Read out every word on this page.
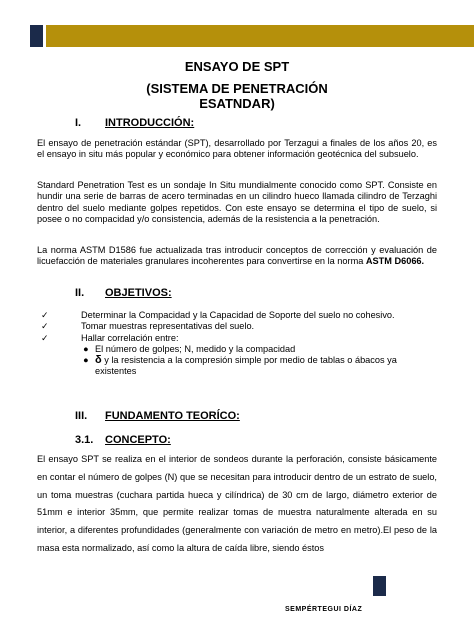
ENSAYO DE SPT
(SISTEMA DE PENETRACIÓN
ESATNDAR)
I. INTRODUCCIÓN:
El ensayo de penetración estándar (SPT), desarrollado por Terzagui a finales de los años 20, es el ensayo in situ más popular y económico para obtener información geotécnica del subsuelo.
Standard Penetration Test es un sondaje In Situ mundialmente conocido como SPT. Consiste en hundir una serie de barras de acero terminadas en un cilindro hueco llamada cilindro de Terzaghi dentro del suelo mediante golpes repetidos. Con este ensayo se determina el tipo de suelo, si posee o no compacidad y/o consistencia, además de la resistencia a la penetración.
La norma ASTM D1586 fue actualizada tras introducir conceptos de corrección y evaluación de licuefacción de materiales granulares incoherentes para convertirse en la norma ASTM D6066.
II. OBJETIVOS:
✓	Determinar la Compacidad y la Capacidad de Soporte del suelo no cohesivo.
✓	Tomar muestras representativas del suelo.
✓	Hallar correlación entre:
● El número de golpes; N, medido y la compacidad
● δ y la resistencia a la compresión simple por medio de tablas o ábacos ya existentes
III. FUNDAMENTO TEORÍCO:
3.1. CONCEPTO:
El ensayo SPT se realiza en el interior de sondeos durante la perforación, consiste básicamente en contar el número de golpes (N) que se necesitan para introducir dentro de un estrato de suelo, un toma muestras (cuchara partida hueca y cilíndrica) de 30 cm de largo, diámetro exterior de 51mm e interior 35mm, que permite realizar tomas de muestra naturalmente alterada en su interior, a diferentes profundidades (generalmente con variación de metro en metro).El peso de la masa esta normalizado, así como la altura de caída libre, siendo éstos
SEMPÉRTEGUI DÍAZ
